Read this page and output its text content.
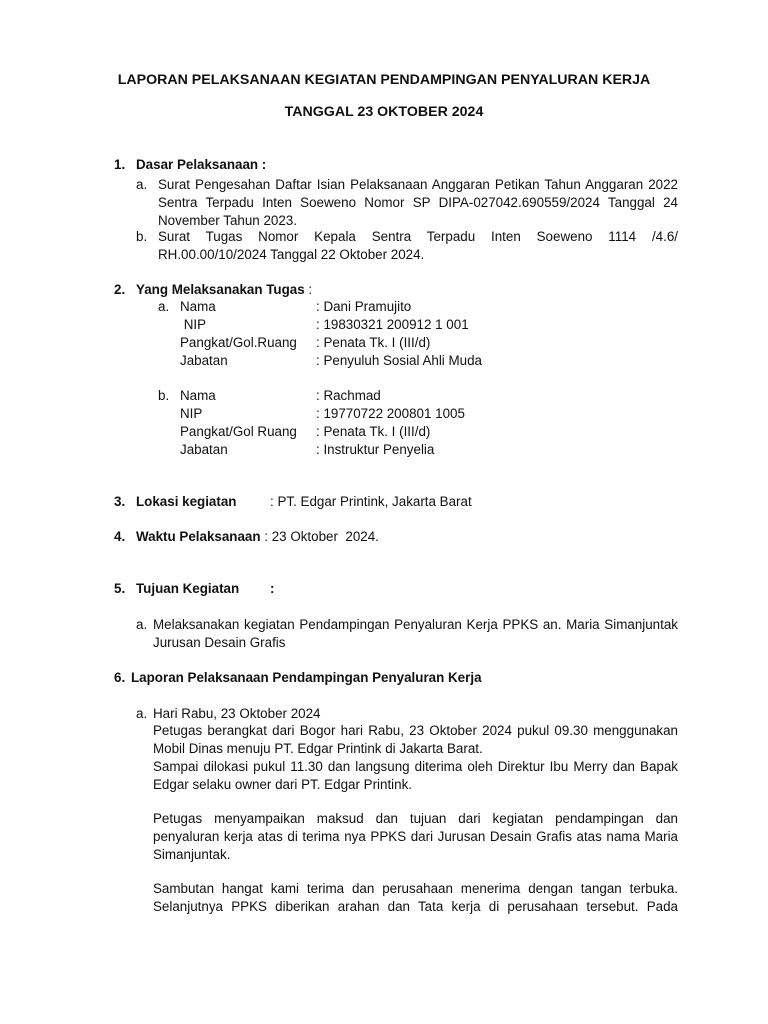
LAPORAN PELAKSANAAN KEGIATAN PENDAMPINGAN PENYALURAN KERJA
TANGGAL 23 OKTOBER 2024
1. Dasar Pelaksanaan :
a. Surat Pengesahan Daftar Isian Pelaksanaan Anggaran Petikan Tahun Anggaran 2022 Sentra Terpadu Inten Soeweno Nomor SP DIPA-027042.690559/2024 Tanggal 24 November Tahun 2023.
b. Surat Tugas Nomor Kepala Sentra Terpadu Inten Soeweno 1114 /4.6/ RH.00.00/10/2024 Tanggal 22 Oktober 2024.
2. Yang Melaksanakan Tugas :
a. Nama	: Dani Pramujito
NIP	: 19830321 200912 1 001
Pangkat/Gol.Ruang : Penata Tk. I (III/d)
Jabatan	: Penyuluh Sosial Ahli Muda
b. Nama	: Rachmad
NIP	: 19770722 200801 1005
Pangkat/Gol Ruang : Penata Tk. I (III/d)
Jabatan	: Instruktur Penyelia
3. Lokasi kegiatan	: PT. Edgar Printink, Jakarta Barat
4. Waktu Pelaksanaan : 23 Oktober  2024.
5. Tujuan Kegiatan :
a. Melaksanakan kegiatan Pendampingan Penyaluran Kerja PPKS an. Maria Simanjuntak Jurusan Desain Grafis
6. Laporan Pelaksanaan Pendampingan Penyaluran Kerja
a. Hari Rabu, 23 Oktober 2024
Petugas berangkat dari Bogor hari Rabu, 23 Oktober 2024 pukul 09.30 menggunakan Mobil Dinas menuju PT. Edgar Printink di Jakarta Barat.
Sampai dilokasi pukul 11.30 dan langsung diterima oleh Direktur Ibu Merry dan Bapak Edgar selaku owner dari PT. Edgar Printink.
Petugas menyampaikan maksud dan tujuan dari kegiatan pendampingan dan penyaluran kerja atas di terima nya PPKS dari Jurusan Desain Grafis atas nama Maria Simanjuntak.
Sambutan hangat kami terima dan perusahaan menerima dengan tangan terbuka. Selanjutnya PPKS diberikan arahan dan Tata kerja di perusahaan tersebut. Pada
